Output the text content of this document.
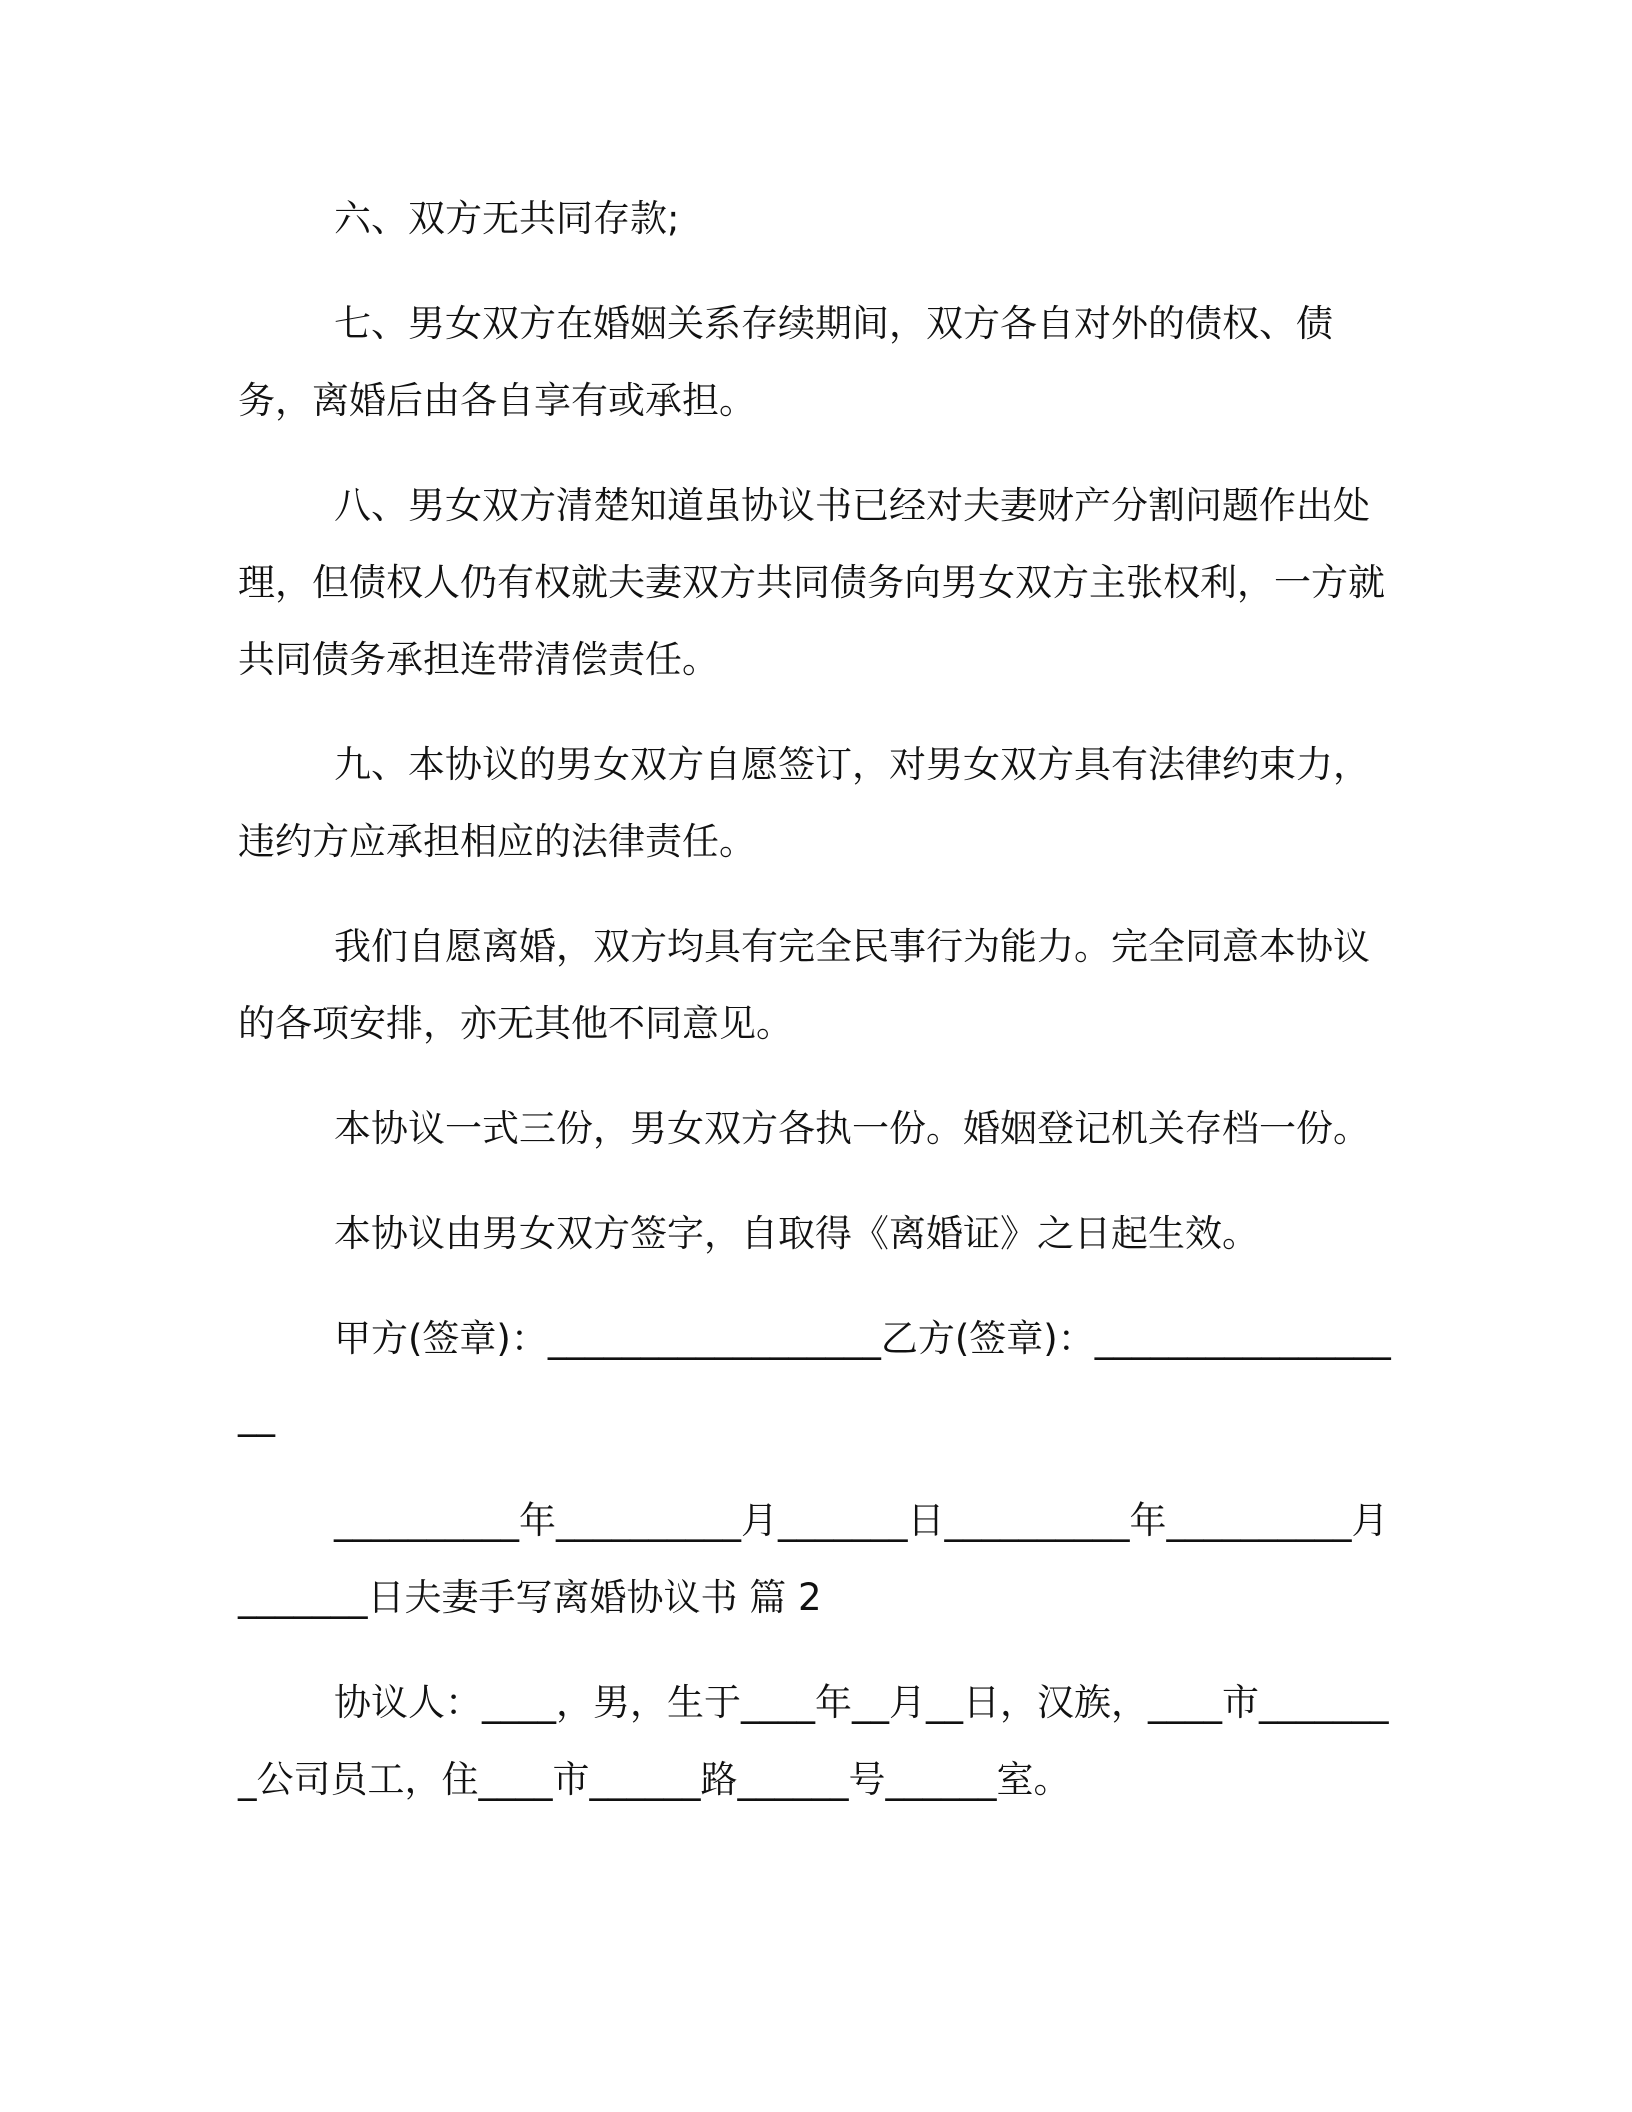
六、双方无共同存款;

七、男女双方在婚姻关系存续期间，双方各自对外的债权、债务，离婚后由各自享有或承担。

八、男女双方清楚知道虽协议书已经对夫妻财产分割问题作出处理，但债权人仍有权就夫妻双方共同债务向男女双方主张权利，一方就共同债务承担连带清偿责任。

九、本协议的男女双方自愿签订，对男女双方具有法律约束力，违约方应承担相应的法律责任。

我们自愿离婚，双方均具有完全民事行为能力。完全同意本协议的各项安排，亦无其他不同意见。

本协议一式三份，男女双方各执一份。婚姻登记机关存档一份。

本协议由男女双方签字，自取得《离婚证》之日起生效。

甲方(签章)：__________________乙方(签章)：__________________

__________年__________月_______日__________年__________月_______日夫妻手写离婚协议书 篇 2

协议人：____，男，生于____年__月__日，汉族，____市________公司员工，住____市______路______号______室。
